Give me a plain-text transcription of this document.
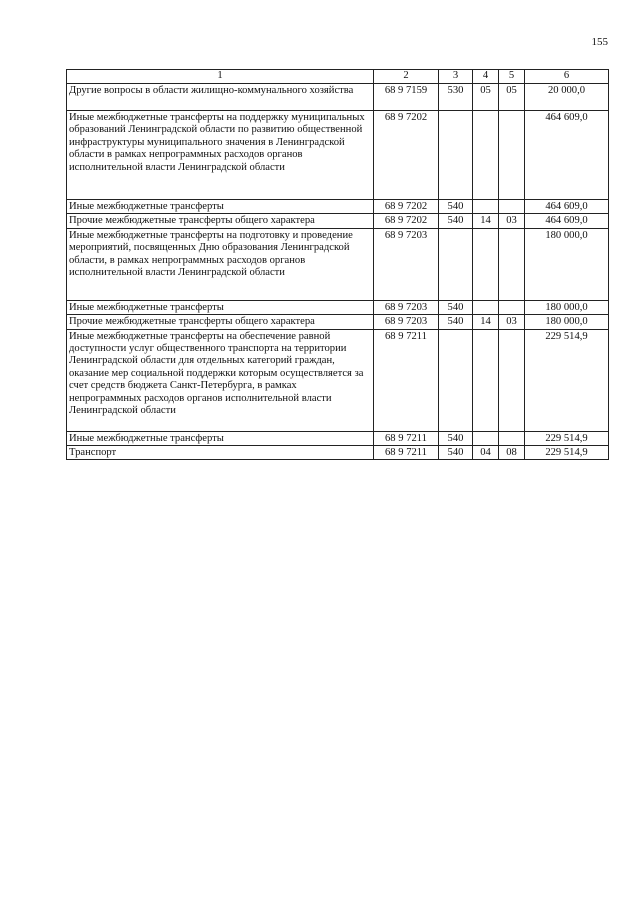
155
1	2	3	4	5	6
Другие вопросы в области жилищно-коммунального хозяйства	68 9 7159	530	05	05	20 000,0
Иные межбюджетные трансферты на поддержку муниципальных образований Ленинградской области по развитию общественной инфраструктуры муниципального значения в Ленинградской области в рамках непрограммных расходов органов исполнительной власти Ленинградской области	68 9 7202				464 609,0
Иные межбюджетные трансферты	68 9 7202	540			464 609,0
Прочие межбюджетные трансферты общего характера	68 9 7202	540	14	03	464 609,0
Иные межбюджетные трансферты на подготовку и проведение мероприятий, посвященных Дню образования Ленинградской области, в рамках непрограммных расходов органов исполнительной власти Ленинградской области	68 9 7203				180 000,0
Иные межбюджетные трансферты	68 9 7203	540			180 000,0
Прочие межбюджетные трансферты общего характера	68 9 7203	540	14	03	180 000,0
Иные межбюджетные трансферты на обеспечение равной доступности услуг общественного транспорта на территории Ленинградской области для отдельных категорий граждан, оказание мер социальной поддержки которым осуществляется за счет средств бюджета Санкт-Петербурга, в рамках непрограммных расходов органов исполнительной власти Ленинградской области	68 9 7211				229 514,9
Иные межбюджетные трансферты	68 9 7211	540			229 514,9
Транспорт	68 9 7211	540	04	08	229 514,9
